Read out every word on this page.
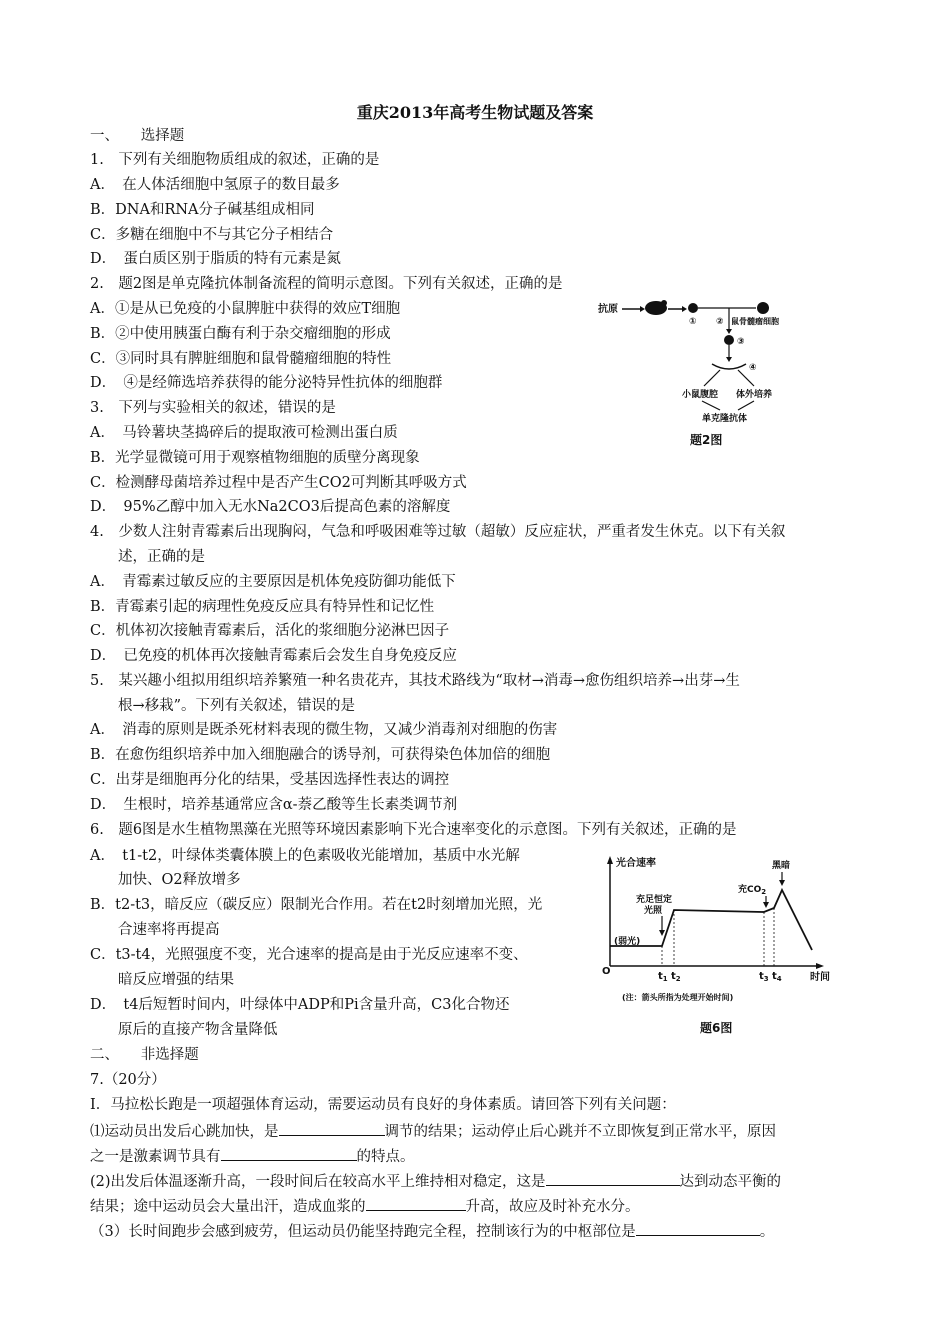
重庆2013年高考生物试题及答案
一、　　选择题
1.　下列有关细胞物质组成的叙述，正确的是
A．　在人体活细胞中氢原子的数目最多
B．DNA和RNA分子碱基组成相同
C．多糖在细胞中不与其它分子相结合
D．　蛋白质区别于脂质的特有元素是氮
2.　题2图是单克隆抗体制备流程的简明示意图。下列有关叙述，正确的是
A．①是从已免疫的小鼠脾脏中获得的效应T细胞
B．②中使用胰蛋白酶有利于杂交瘤细胞的形成
C．③同时具有脾脏细胞和鼠骨髓瘤细胞的特性
D．　④是经筛选培养获得的能分泌特异性抗体的细胞群
3.　下列与实验相关的叙述，错误的是
A．　马铃薯块茎捣碎后的提取液可检测出蛋白质
B．光学显微镜可用于观察植物细胞的质壁分离现象
C．检测酵母菌培养过程中是否产生CO2可判断其呼吸方式
D．　95%乙醇中加入无水Na2CO3后提高色素的溶解度
4.　少数人注射青霉素后出现胸闷，气急和呼吸困难等过敏（超敏）反应症状，严重者发生休克。以下有关叙
述，正确的是
A．　青霉素过敏反应的主要原因是机体免疫防御功能低下
B．青霉素引起的病理性免疫反应具有特异性和记忆性
C．机体初次接触青霉素后，活化的浆细胞分泌淋巴因子
D．　已免疫的机体再次接触青霉素后会发生自身免疫反应
5.　某兴趣小组拟用组织培养繁殖一种名贵花卉，其技术路线为“取材→消毒→愈伤组织培养→出芽→生
根→移栽”。下列有关叙述，错误的是
A．　消毒的原则是既杀死材料表现的微生物，又减少消毒剂对细胞的伤害
B．在愈伤组织培养中加入细胞融合的诱导剂，可获得染色体加倍的细胞
C．出芽是细胞再分化的结果，受基因选择性表达的调控
D．　生根时，培养基通常应含α-萘乙酸等生长素类调节剂
6.　题6图是水生植物黑藻在光照等环境因素影响下光合速率变化的示意图。下列有关叙述，正确的是
A．　t1-t2，叶绿体类囊体膜上的色素吸收光能增加，基质中水光解
加快、O2释放增多
B．t2-t3，暗反应（碳反应）限制光合作用。若在t2时刻增加光照，光
合速率将再提高
C．t3-t4，光照强度不变，光合速率的提高是由于光反应速率不变、
暗反应增强的结果
D．　t4后短暂时间内，叶绿体中ADP和Pi含量升高，C3化合物还
原后的直接产物含量降低
二、　　非选择题
7.（20分）
Ⅰ．马拉松长跑是一项超强体育运动，需要运动员有良好的身体素质。请回答下列有关问题：
⑴运动员出发后心跳加快，是	调节的结果；运动停止后心跳并不立即恢复到正常水平，原因
之一是激素调节具有	的特点。
(2)出发后体温逐渐升高，一段时间后在较高水平上维持相对稳定，这是	达到动态平衡的
结果；途中运动员会大量出汗，造成血浆的	升高，故应及时补充水分。
（3）长时间跑步会感到疲劳，但运动员仍能坚持跑完全程，控制该行为的中枢部位是	。
抗原
①	鼠骨髓瘤细胞
②
③
④
小鼠腹腔 体外培养
单克隆抗体
题2图
光合速率
时间
O
(弱光)
充足恒定
光照
充$CO_2$
黑暗
$t_1$ $t_2$	$t_3$ $t_4$
(注：箭头所指为处理开始时间)
题6图
